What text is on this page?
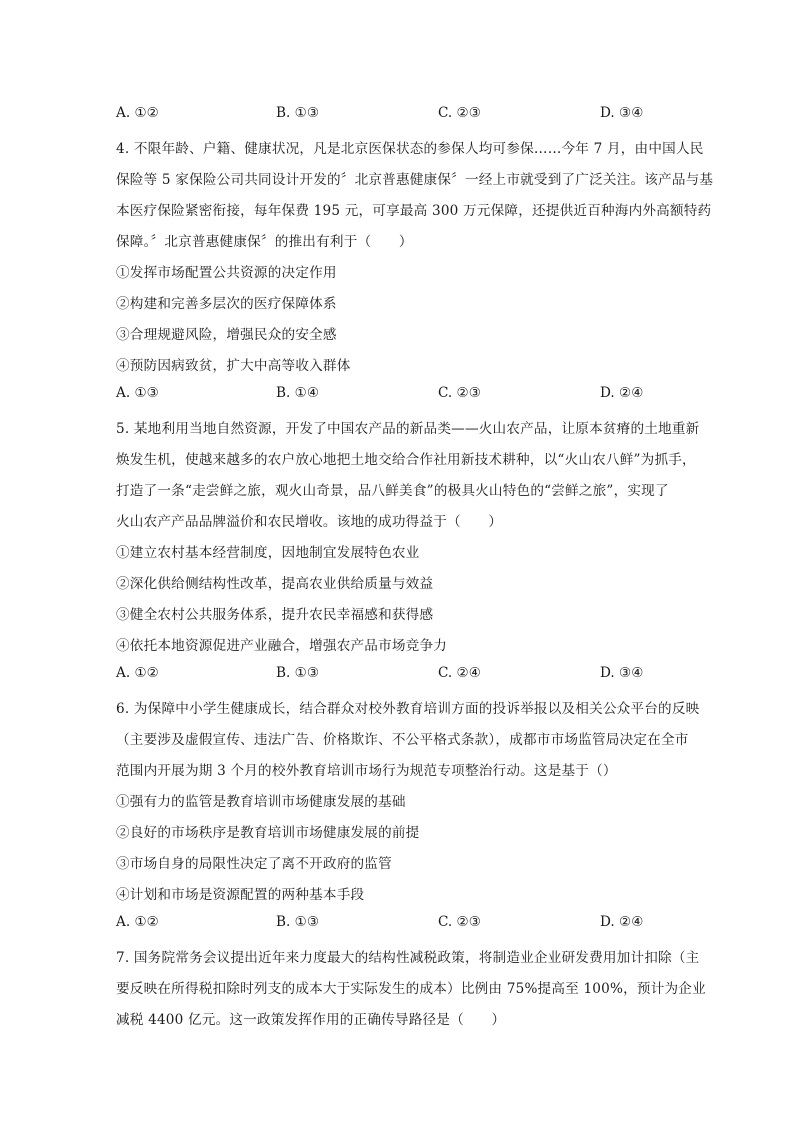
A. ①②	B. ①③	C. ②③	D. ③④
4. 不限年龄、户籍、健康状况，凡是北京医保状态的参保人均可参保……今年 7 月，由中国人民
保险等 5 家保险公司共同设计开发的〞北京普惠健康保〞一经上市就受到了广泛关注。该产品与基
本医疗保险紧密衔接，每年保费 195 元，可享最高 300 万元保障，还提供近百种海内外高额特药
保障。〞北京普惠健康保〞的推出有利于（　　）
①发挥市场配置公共资源的决定作用
②构建和完善多层次的医疗保障体系
③合理规避风险，增强民众的安全感
④预防因病致贫，扩大中高等收入群体
A. ①③	B. ①④	C. ②③	D. ②④
5. 某地利用当地自然资源，开发了中国农产品的新品类——火山农产品，让原本贫瘠的土地重新
焕发生机，使越来越多的农户放心地把土地交给合作社用新技术耕种，以“火山农八鲜”为抓手，
打造了一条“走尝鲜之旅，观火山奇景，品八鲜美食”的极具火山特色的“尝鲜之旅”，实现了
火山农产产品品牌溢价和农民增收。该地的成功得益于（　　）
①建立农村基本经营制度，因地制宜发展特色农业
②深化供给侧结构性改革，提高农业供给质量与效益
③健全农村公共服务体系，提升农民幸福感和获得感
④依托本地资源促进产业融合，增强农产品市场竞争力
A. ①②	B. ①③	C. ②④	D. ③④
6. 为保障中小学生健康成长，结合群众对校外教育培训方面的投诉举报以及相关公众平台的反映
（主要涉及虚假宣传、违法广告、价格欺诈、不公平格式条款），成都市市场监管局决定在全市
范围内开展为期 3 个月的校外教育培训市场行为规范专项整治行动。这是基于（）
①强有力的监管是教育培训市场健康发展的基础
②良好的市场秩序是教育培训市场健康发展的前提
③市场自身的局限性决定了离不开政府的监管
④计划和市场是资源配置的两种基本手段
A. ①②	B. ①③	C. ②③	D. ②④
7. 国务院常务会议提出近年来力度最大的结构性减税政策，将制造业企业研发费用加计扣除（主
要反映在所得税扣除时列支的成本大于实际发生的成本）比例由 75%提高至 100%，预计为企业
减税 4400 亿元。这一政策发挥作用的正确传导路径是（　　）
